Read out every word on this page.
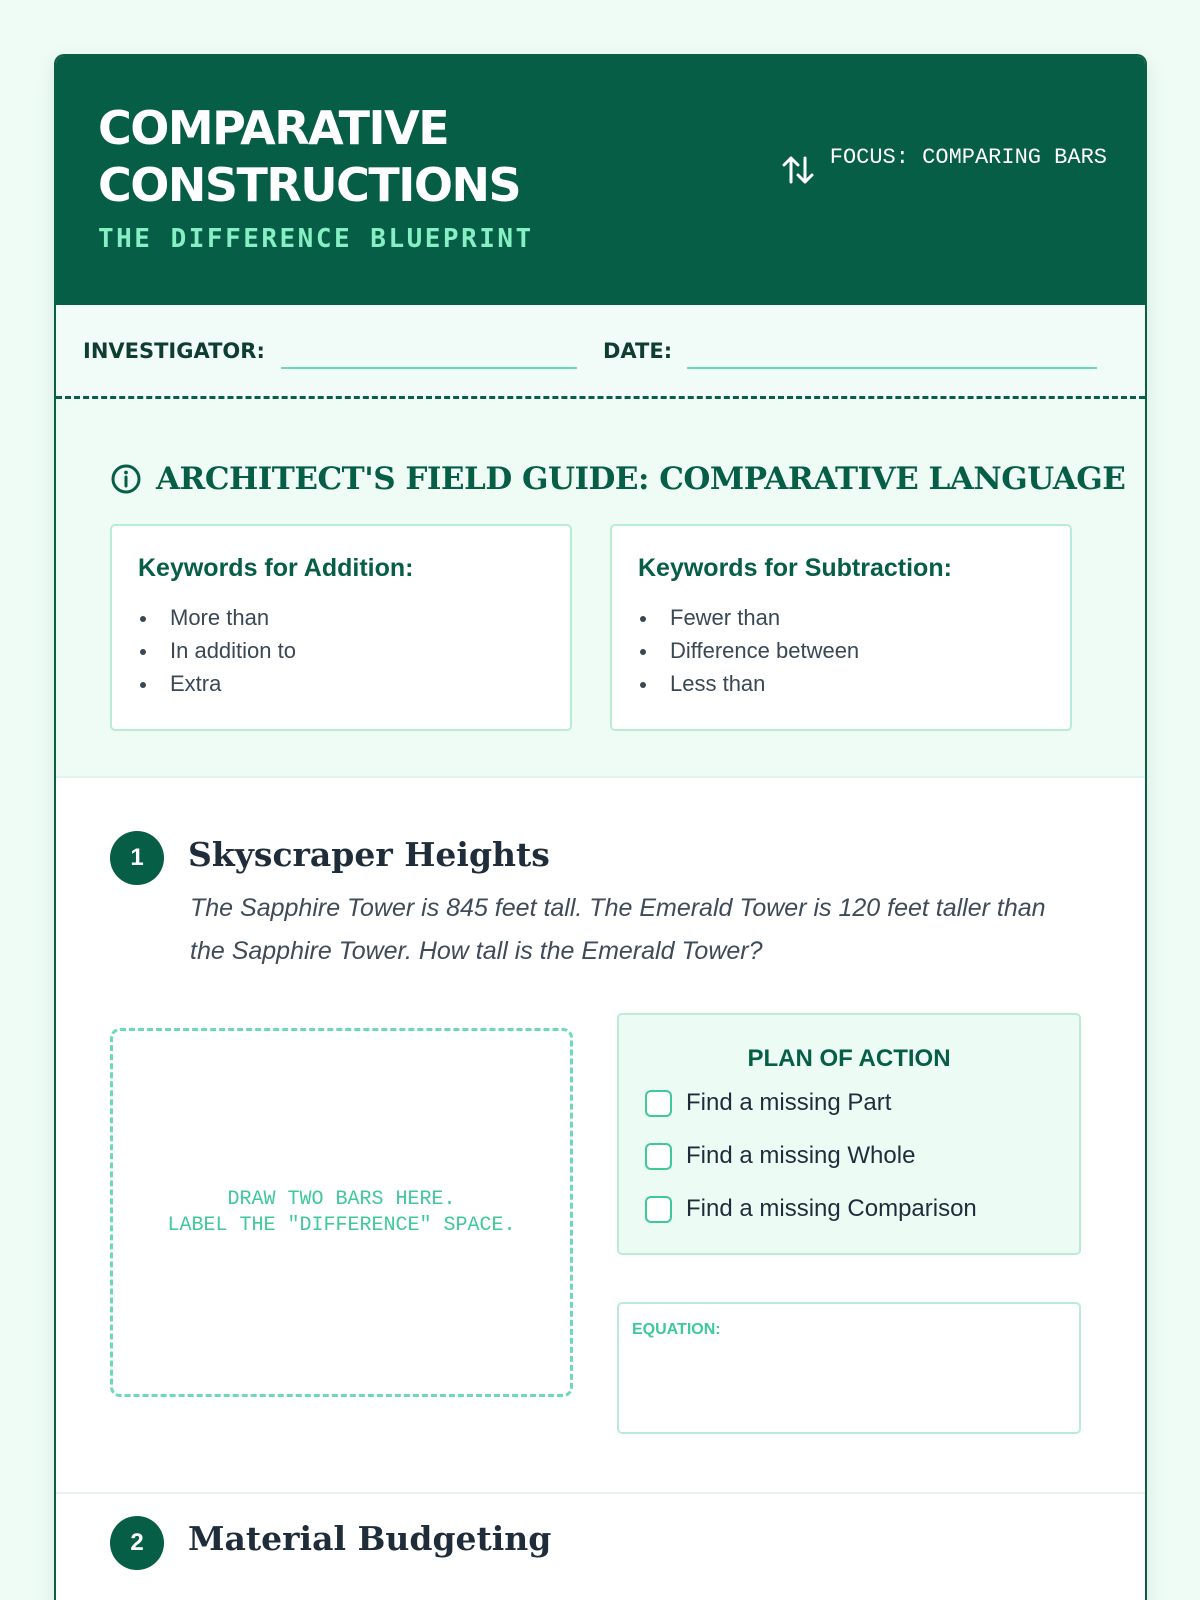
COMPARATIVE
CONSTRUCTIONS
THE DIFFERENCE BLUEPRINT
FOCUS: COMPARING BARS
INVESTIGATOR:	DATE:
ARCHITECT'S FIELD GUIDE: COMPARATIVE LANGUAGE
Keywords for Addition:
More than
In addition to
Extra
Keywords for Subtraction:
Fewer than
Difference between
Less than
1	Skyscraper Heights
The Sapphire Tower is 845 feet tall. The Emerald Tower is 120 feet taller than the Sapphire Tower. How tall is the Emerald Tower?
DRAW TWO BARS HERE.
LABEL THE "DIFFERENCE" SPACE.
PLAN OF ACTION
Find a missing Part
Find a missing Whole
Find a missing Comparison
EQUATION:
2	Material Budgeting
